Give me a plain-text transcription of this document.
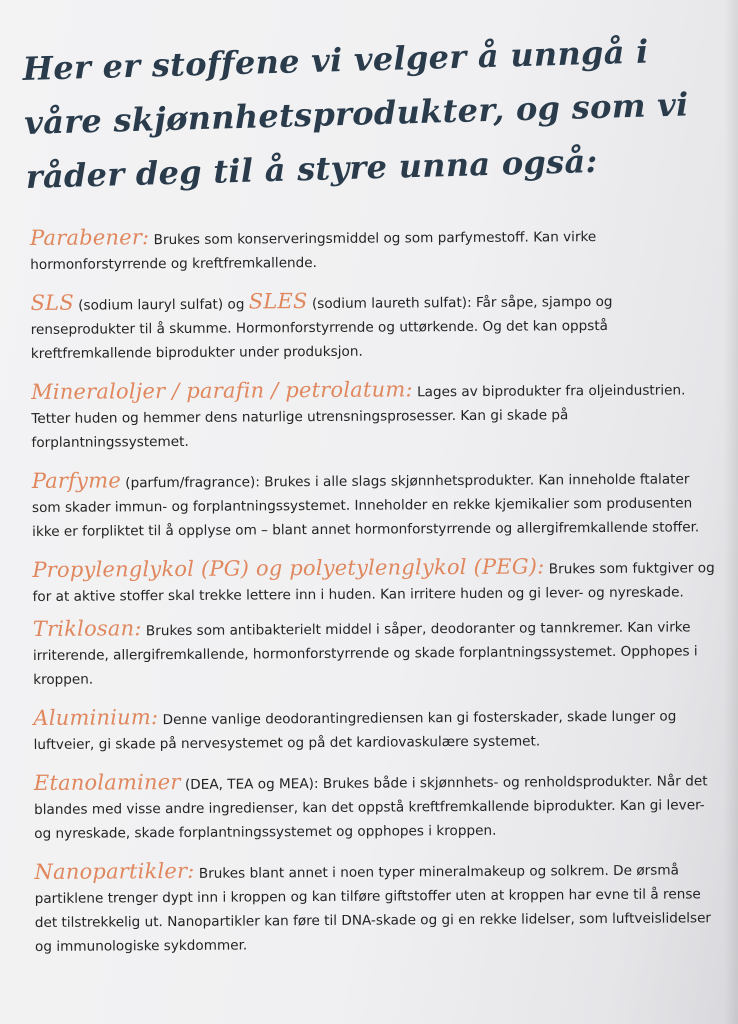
Her er stoffene vi velger å unngå i våre skjønnhetsprodukter, og som vi råder deg til å styre unna også:

Parabener: Brukes som konserveringsmiddel og som parfymestoff. Kan virke hormonforstyrrende og kreftfremkallende.

SLS (sodium lauryl sulfat) og SLES (sodium laureth sulfat): Får såpe, sjampo og renseprodukter til å skumme. Hormonforstyrrende og uttørkende. Og det kan oppstå kreftfremkallende biprodukter under produksjon.

Mineraloljer / parafin / petrolatum: Lages av biprodukter fra oljeindustrien. Tetter huden og hemmer dens naturlige utrensningsprosesser. Kan gi skade på forplantningssystemet.

Parfyme (parfum/fragrance): Brukes i alle slags skjønnhetsprodukter. Kan inneholde ftalater som skader immun- og forplantningssystemet. Inneholder en rekke kjemikalier som produsenten ikke er forpliktet til å opplyse om – blant annet hormonforstyrrende og allergifremkallende stoffer.

Propylenglykol (PG) og polyetylenglykol (PEG): Brukes som fuktgiver og for at aktive stoffer skal trekke lettere inn i huden. Kan irritere huden og gi lever- og nyreskade.

Triklosan: Brukes som antibakterielt middel i såper, deodoranter og tannkremer. Kan virke irriterende, allergifremkallende, hormonforstyrrende og skade forplantningssystemet. Opphopes i kroppen.

Aluminium: Denne vanlige deodorantingrediensen kan gi fosterskader, skade lunger og luftveier, gi skade på nervesystemet og på det kardiovaskulære systemet.

Etanolaminer (DEA, TEA og MEA): Brukes både i skjønnhets- og renholdsprodukter. Når det blandes med visse andre ingredienser, kan det oppstå kreftfremkallende biprodukter. Kan gi lever- og nyreskade, skade forplantningssystemet og opphopes i kroppen.

Nanopartikler: Brukes blant annet i noen typer mineralmakeup og solkrem. De ørsmå partiklene trenger dypt inn i kroppen og kan tilføre giftstoffer uten at kroppen har evne til å rense det tilstrekkelig ut. Nanopartikler kan føre til DNA-skade og gi en rekke lidelser, som luftveislidelser og immunologiske sykdommer.
